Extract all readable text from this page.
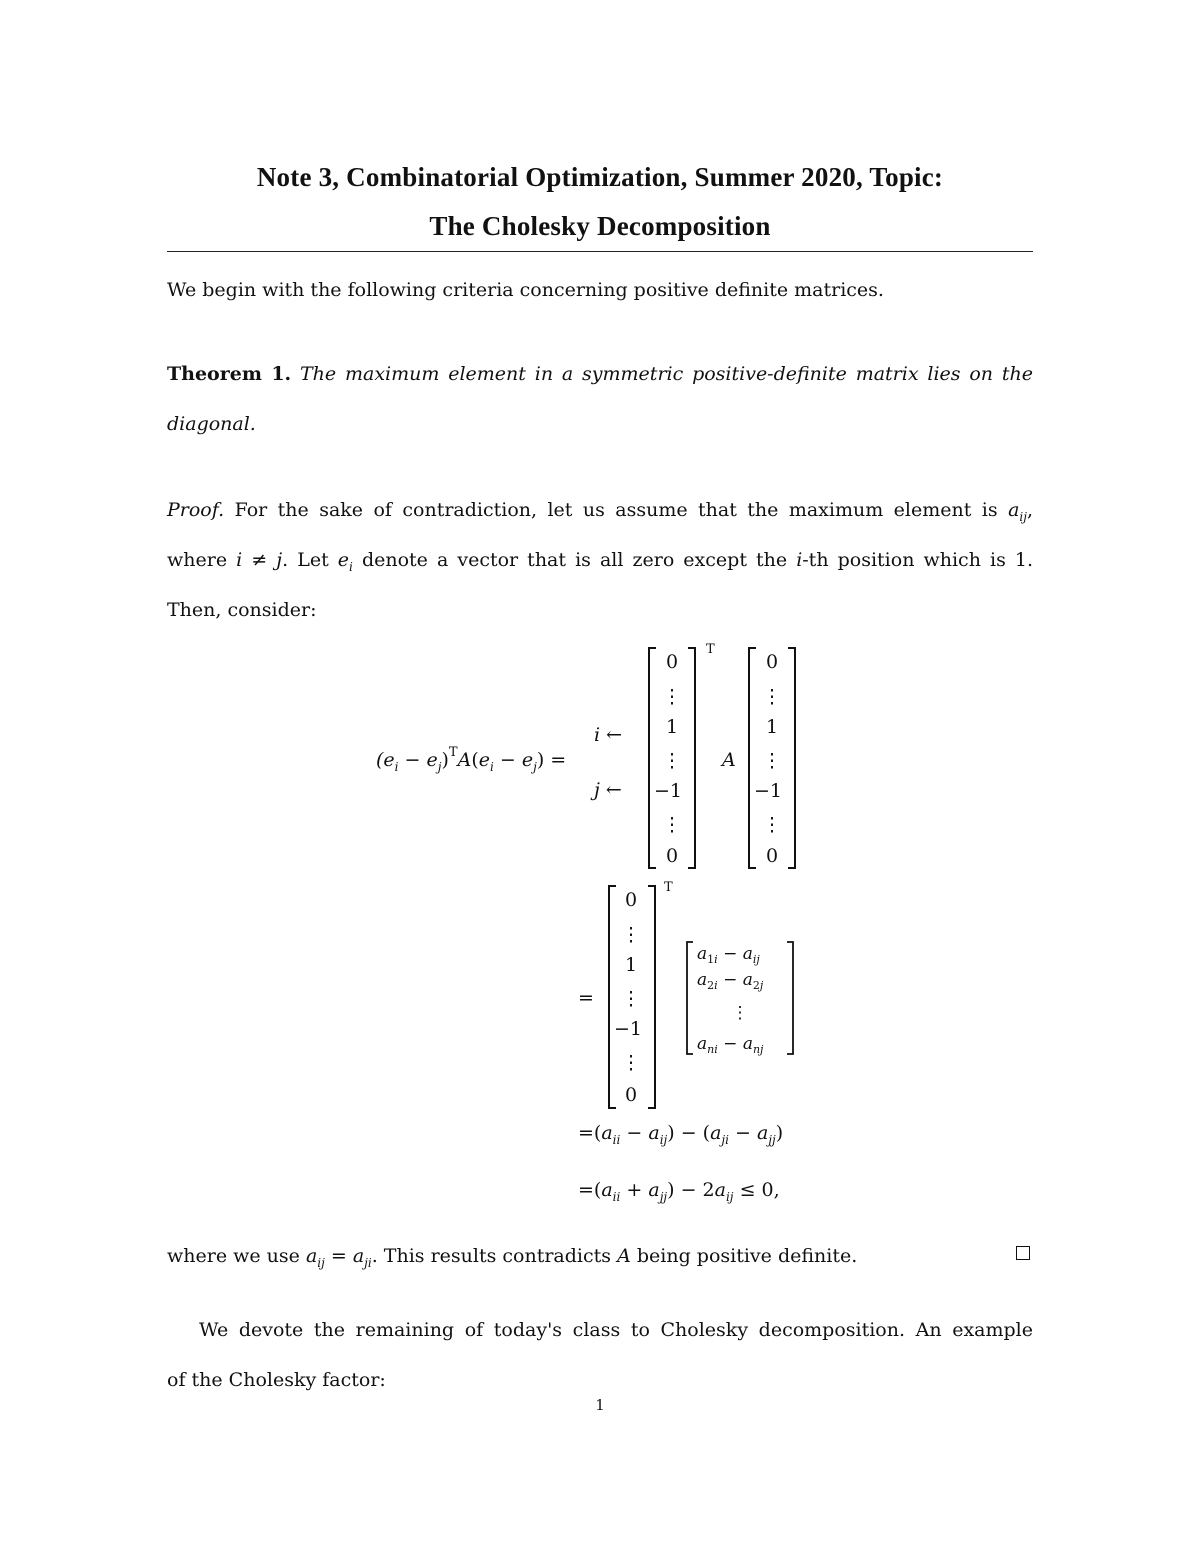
Note 3, Combinatorial Optimization, Summer 2020, Topic:
The Cholesky Decomposition
We begin with the following criteria concerning positive definite matrices.
Theorem 1. The maximum element in a symmetric positive-definite matrix lies on the
diagonal.
Proof. For the sake of contradiction, let us assume that the maximum element is $a_{ij}$,
where i ≠ j. Let $e_i$ denote a vector that is all zero except the i-th position which is 1.
Then, consider:
$(e_i - e_j)^TA(e_i - e_j)$ =
i ←
j ←
T
0
⋮
1
⋮
−1
⋮
0
A
0
⋮
1
⋮
−1
⋮
0
=
T
0
⋮
1
⋮
−1
⋮
0
$a_1i - a_{ij}$
$a_2i - a_2j$
⋮
$a_{ni} - a_{nj}$
$=(a_{ii} - a_{ij}) - (a_{ji} - a_{jj})$
$=(a_{ii} + a_{jj}) - 2a_{ij} \le 0$,
where we use $a_{ij} = a_{ji}$. This results contradicts A being positive definite.
We devote the remaining of today's class to Cholesky decomposition. An example
of the Cholesky factor:
1
